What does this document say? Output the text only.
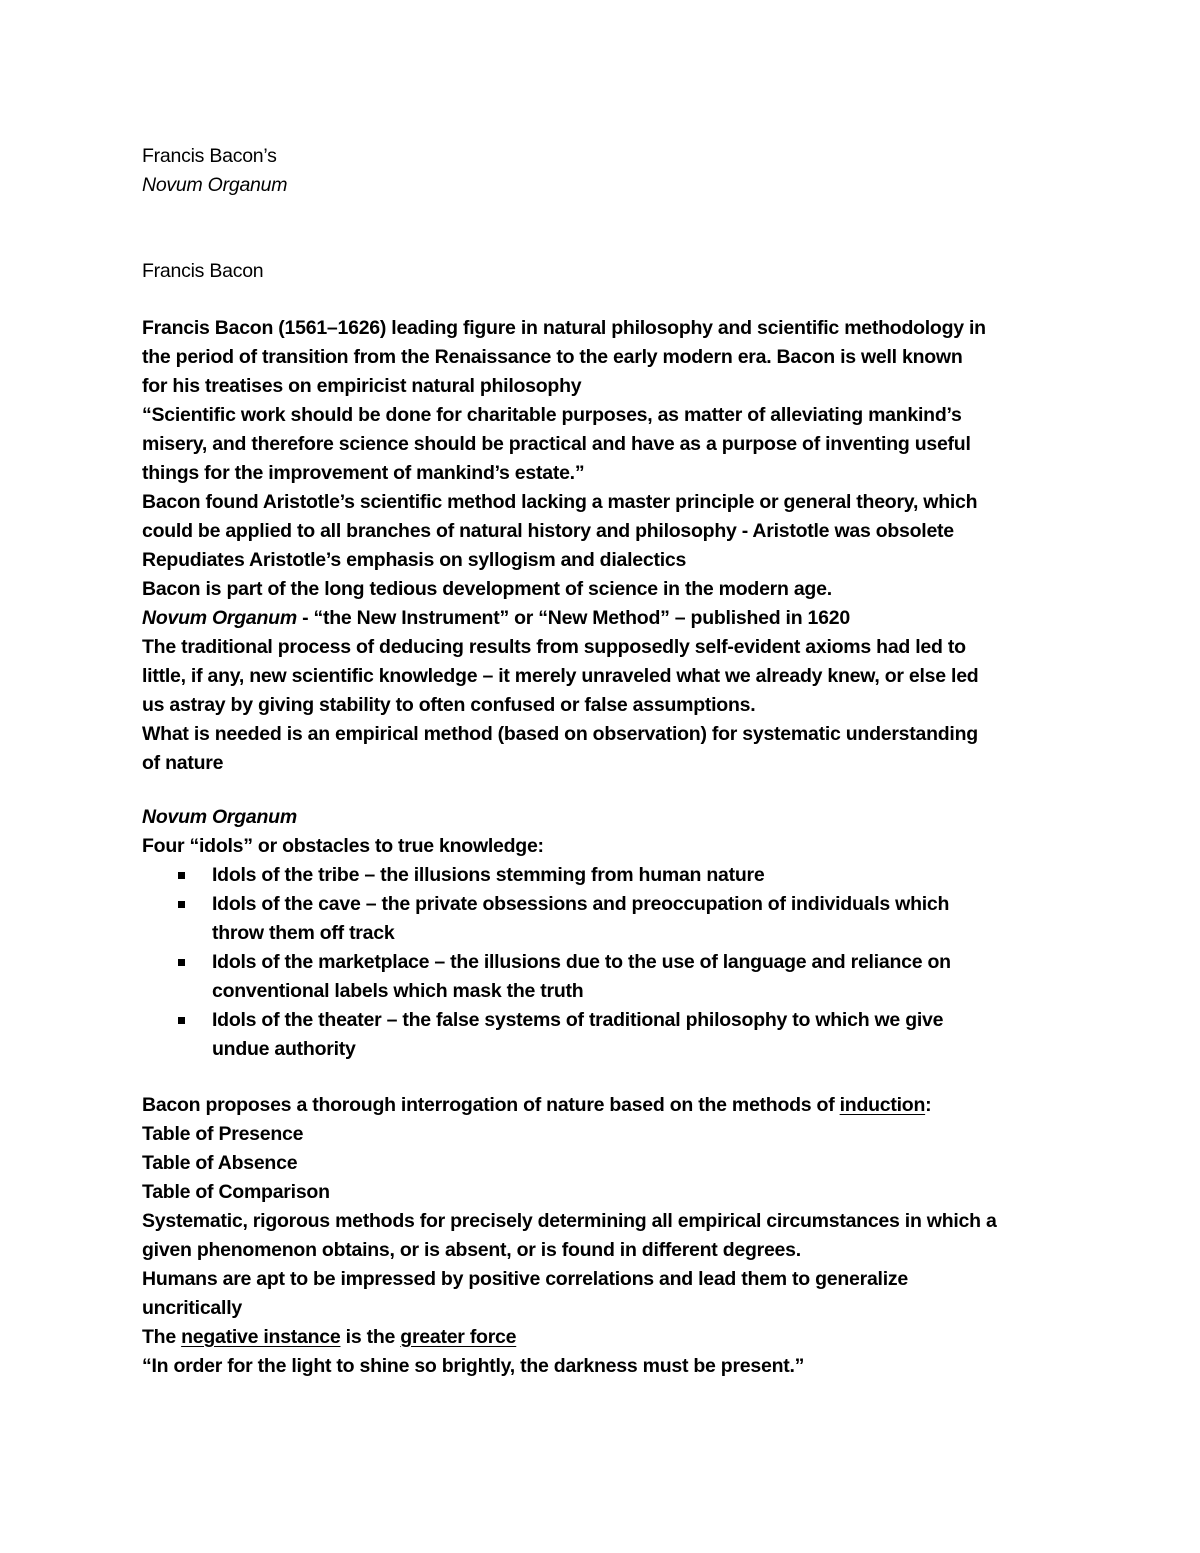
Francis Bacon’s
Novum Organum
Francis Bacon
Francis Bacon (1561–1626) leading figure in natural philosophy and scientific methodology in
the period of transition from the Renaissance to the early modern era. Bacon is well known
for his treatises on empiricist natural philosophy
“Scientific work should be done for charitable purposes, as matter of alleviating mankind’s
misery, and therefore science should be practical and have as a purpose of inventing useful
things for the improvement of mankind’s estate.”
Bacon found Aristotle’s scientific method lacking a master principle or general theory, which
could be applied to all branches of natural history and philosophy - Aristotle was obsolete
Repudiates Aristotle’s emphasis on syllogism and dialectics
Bacon is part of the long tedious development of science in the modern age.
Novum Organum - “the New Instrument” or “New Method” – published in 1620
The traditional process of deducing results from supposedly self-evident axioms had led to
little, if any, new scientific knowledge – it merely unraveled what we already knew, or else led
us astray by giving stability to often confused or false assumptions.
What is needed is an empirical method (based on observation) for systematic understanding
of nature
Novum Organum
Four “idols” or obstacles to true knowledge:
Idols of the tribe – the illusions stemming from human nature
Idols of the cave – the private obsessions and preoccupation of individuals which
throw them off track
Idols of the marketplace – the illusions due to the use of language and reliance on
conventional labels which mask the truth
Idols of the theater – the false systems of traditional philosophy to which we give
undue authority
Bacon proposes a thorough interrogation of nature based on the methods of induction:
Table of Presence
Table of Absence
Table of Comparison
Systematic, rigorous methods for precisely determining all empirical circumstances in which a
given phenomenon obtains, or is absent, or is found in different degrees.
Humans are apt to be impressed by positive correlations and lead them to generalize
uncritically
The negative instance is the greater force
“In order for the light to shine so brightly, the darkness must be present.”
